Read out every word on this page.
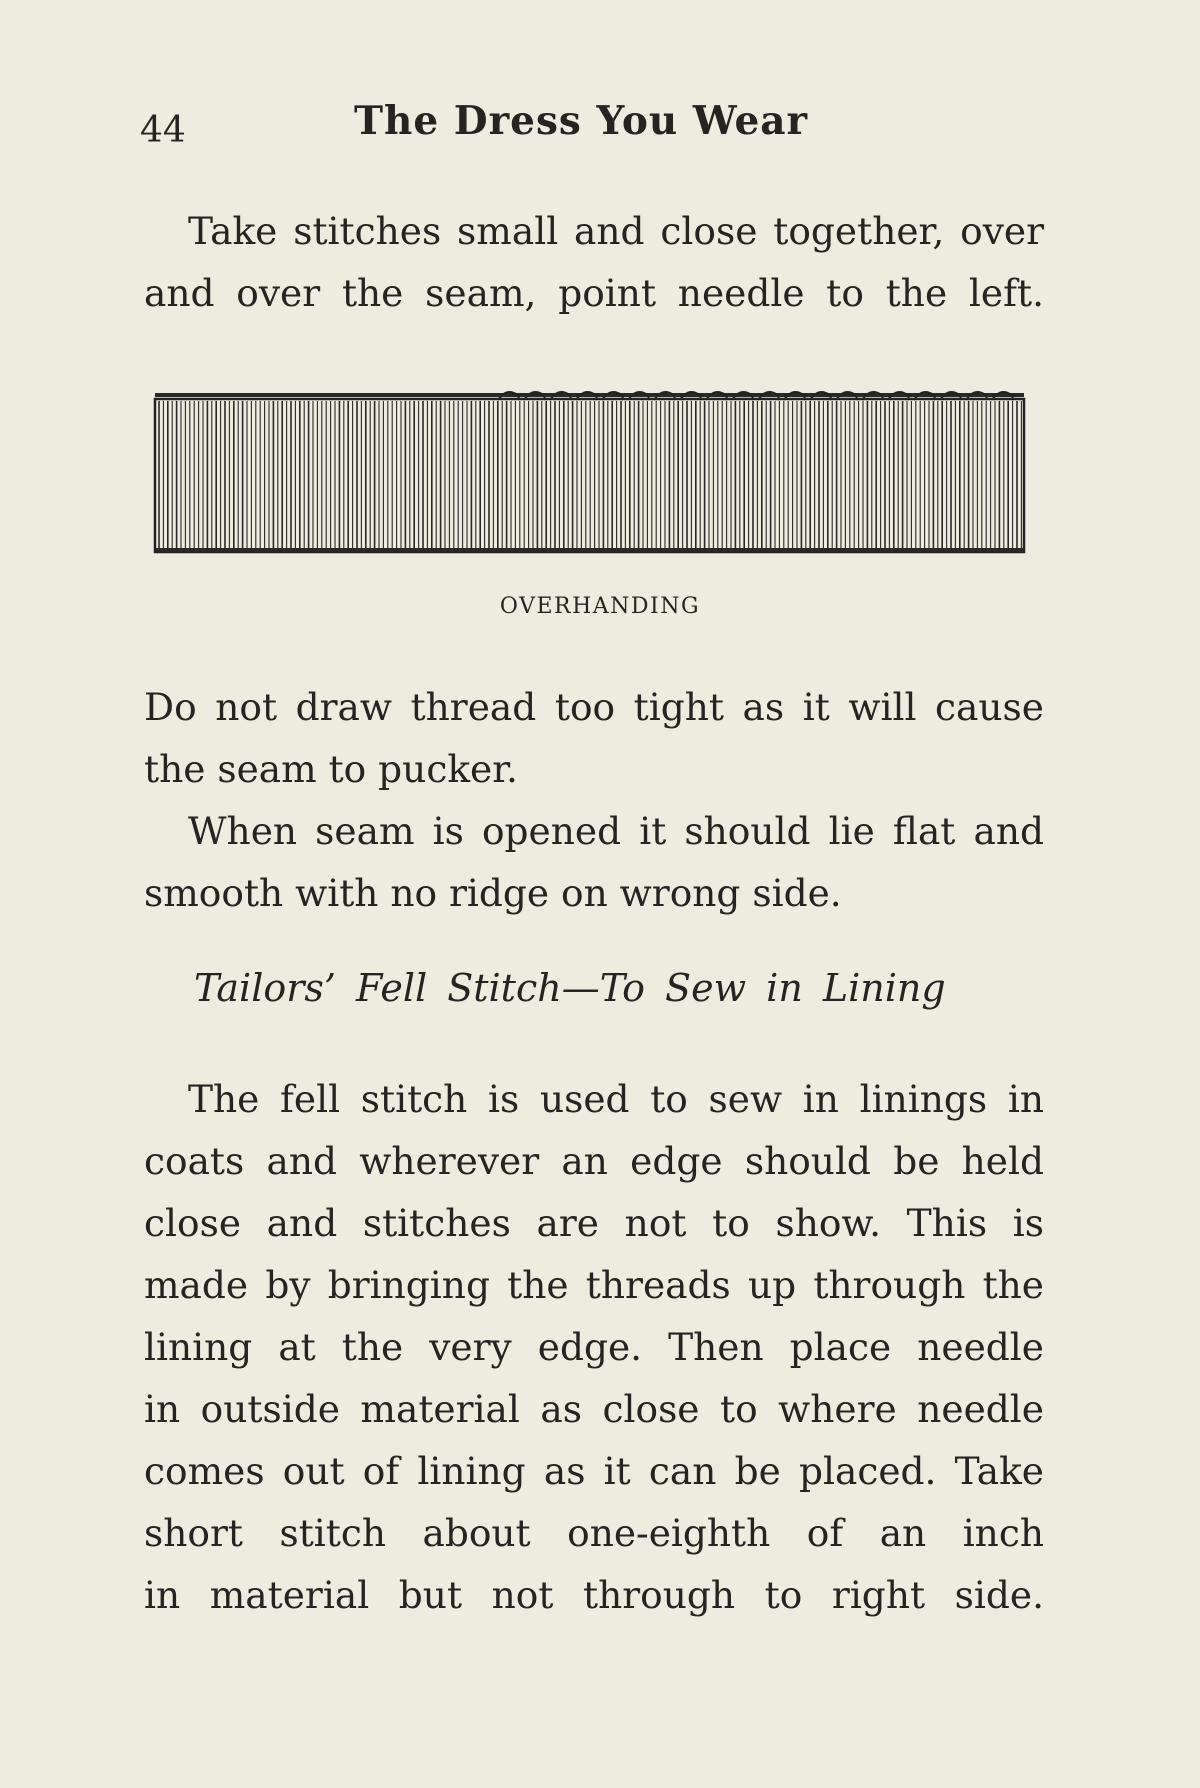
44	The Dress You Wear
Take stitches small and close together, over
and over the seam, point needle to the left.
OVERHANDING
Do not draw thread too tight as it will cause
the seam to pucker.
When seam is opened it should lie flat and
smooth with no ridge on wrong side.
Tailors’ Fell Stitch—To Sew in Lining
The fell stitch is used to sew in linings in
coats and wherever an edge should be held
close and stitches are not to show. This is
made by bringing the threads up through the
lining at the very edge. Then place needle
in outside material as close to where needle
comes out of lining as it can be placed. Take
short stitch about one-eighth of an inch
in material but not through to right side.
